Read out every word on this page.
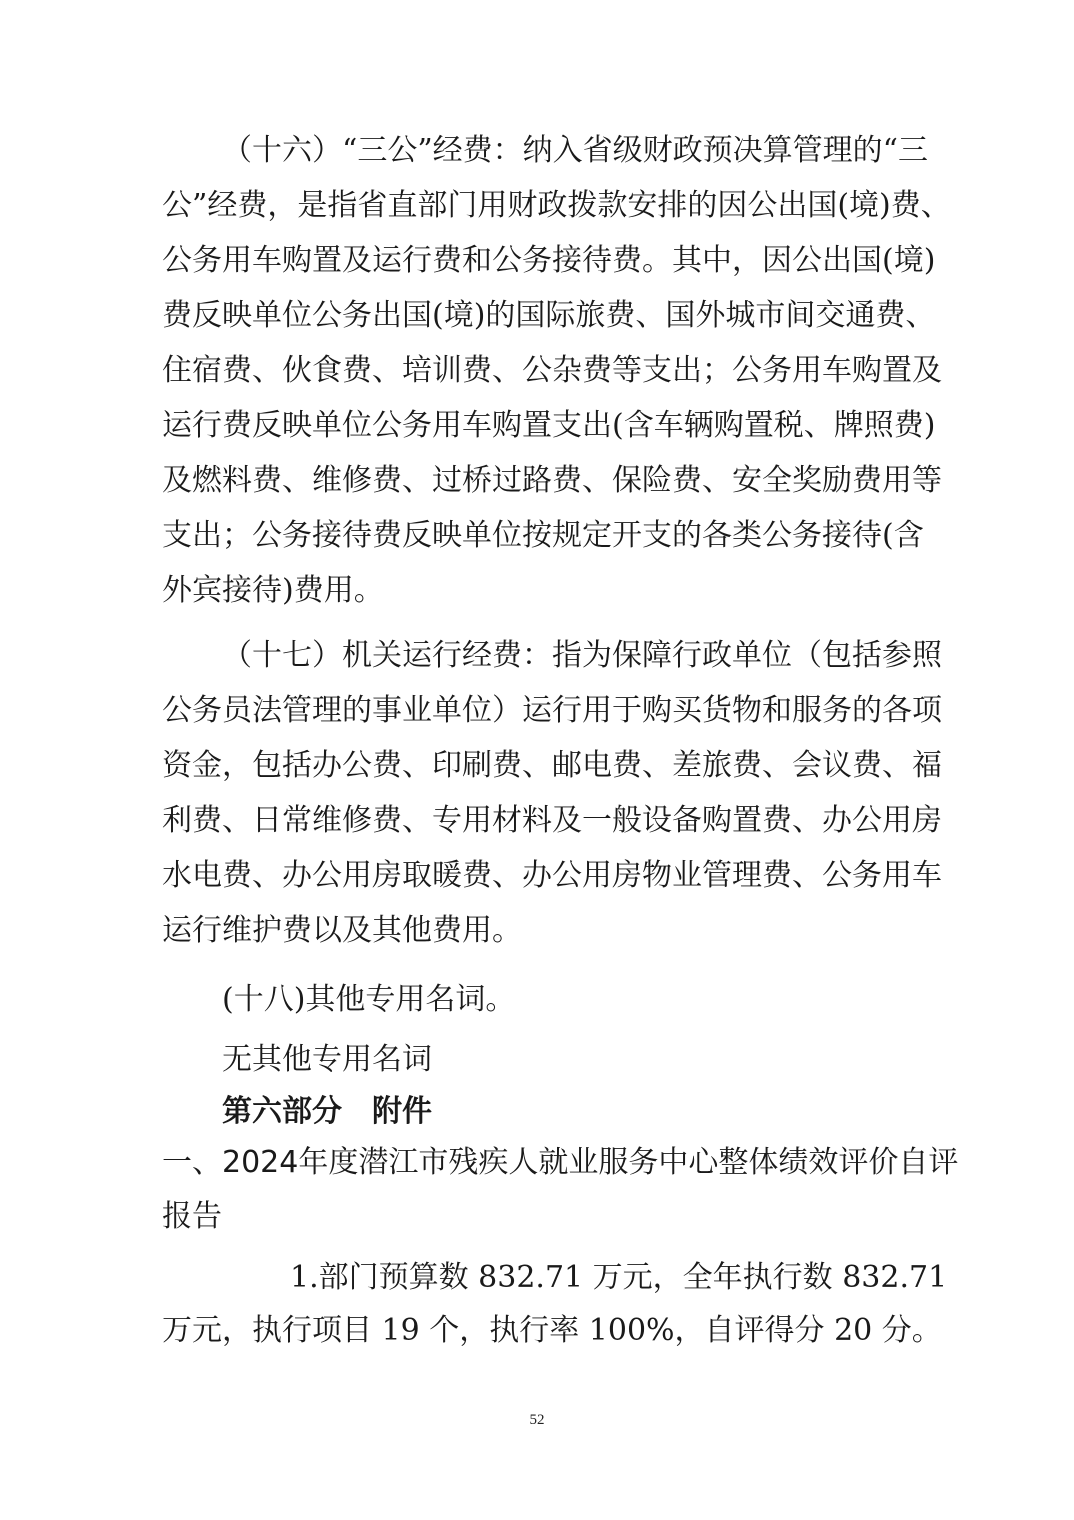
（十六）“三公”经费：纳入省级财政预决算管理的“三
公”经费，是指省直部门用财政拨款安排的因公出国(境)费、
公务用车购置及运行费和公务接待费。其中，因公出国(境)
费反映单位公务出国(境)的国际旅费、国外城市间交通费、
住宿费、伙食费、培训费、公杂费等支出；公务用车购置及
运行费反映单位公务用车购置支出(含车辆购置税、牌照费)
及燃料费、维修费、过桥过路费、保险费、安全奖励费用等
支出；公务接待费反映单位按规定开支的各类公务接待(含
外宾接待)费用。
（十七）机关运行经费：指为保障行政单位（包括参照
公务员法管理的事业单位）运行用于购买货物和服务的各项
资金，包括办公费、印刷费、邮电费、差旅费、会议费、福
利费、日常维修费、专用材料及一般设备购置费、办公用房
水电费、办公用房取暖费、办公用房物业管理费、公务用车
运行维护费以及其他费用。
(十八)其他专用名词。
无其他专用名词
第六部分　附件
一、2024年度潜江市残疾人就业服务中心整体绩效评价自评
报告
1.部门预算数 832.71 万元，全年执行数 832.71
万元，执行项目 19 个，执行率 100%，自评得分 20 分。
52
